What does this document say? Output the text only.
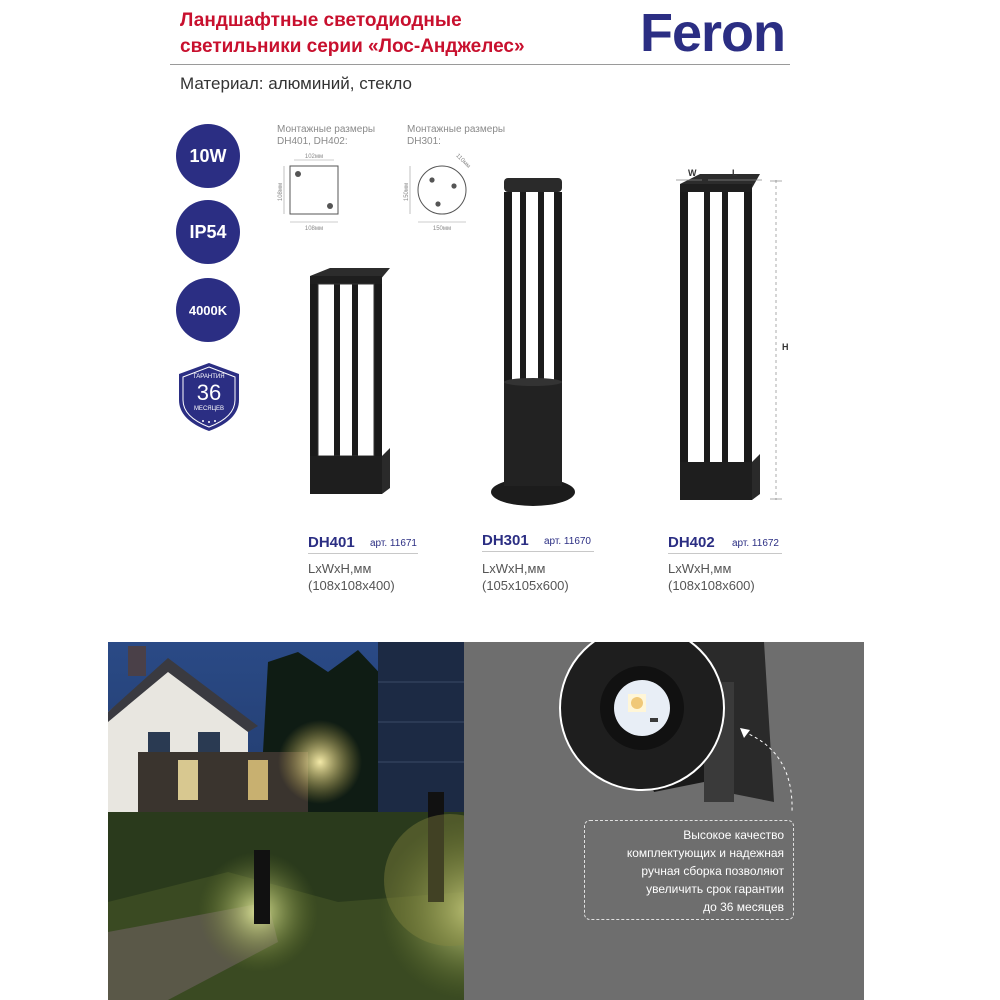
Ландшафтные светодиодные
светильники серии «Лос-Анджелес»	Feron
Материал: алюминий, стекло
10W
IP54
4000K
ГАРАНТИЯ
36
МЕСЯЦЕВ
Монтажные размеры
DH401, DH402:
102мм
108мм
108мм
Монтажные размеры
DH301:
150мм
110мм
150мм
W	L
H
DH401 арт. 11671
LxWxH,мм
(108x108x400)
DH301 арт. 11670
LxWxH,мм
(105x105x600)
DH402 арт. 11672
LxWxH,мм
(108x108x600)
Высокое качество
комплектующих и надежная
ручная сборка позволяют
увеличить срок гарантии
до 36 месяцев
